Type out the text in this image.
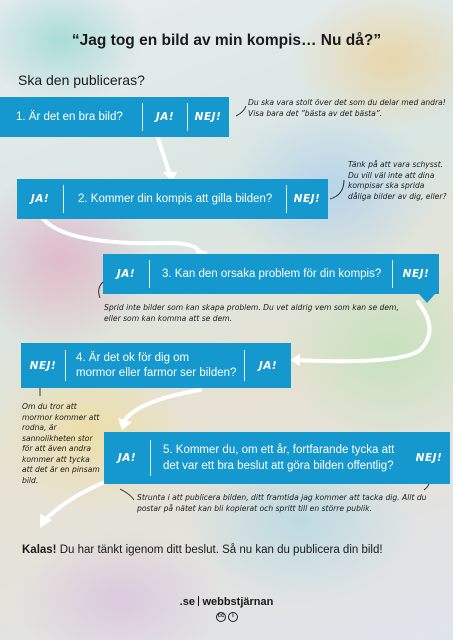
“Jag tog en bild av min kompis… Nu då?”
Ska den publiceras?
1. Är det en bra bild?	JA!	NEJ!
Du ska vara stolt över det som du delar med andra! Visa bara det ”bästa av det bästa”.
JA!	2. Kommer din kompis att gilla bilden?	NEJ!
Tänk på att vara schysst. Du vill väl inte att dina kompisar ska sprida dåliga bilder av dig, eller?
JA!	3. Kan den orsaka problem för din kompis?	NEJ!
Sprid inte bilder som kan skapa problem. Du vet aldrig vem som kan se dem, eller som kan komma att se dem.
NEJ!
4. Är det ok för dig om
mormor eller farmor ser bilden?
JA!
Om du tror att mormor kommer att rodna, är sannolikheten stor för att även andra kommer att tycka att det är en pinsam bild.
JA!
5. Kommer du, om ett år, fortfarande tycka att
det var ett bra beslut att göra bilden offentlig?
NEJ!
Strunta i att publicera bilden, ditt framtida jag kommer att tacka dig. Allt du postar på nätet kan bli kopierat och spritt till en större publik.
Kalas! Du har tänkt igenom ditt beslut. Så nu kan du publicera din bild!
.se webbstjärnan
cc	i
